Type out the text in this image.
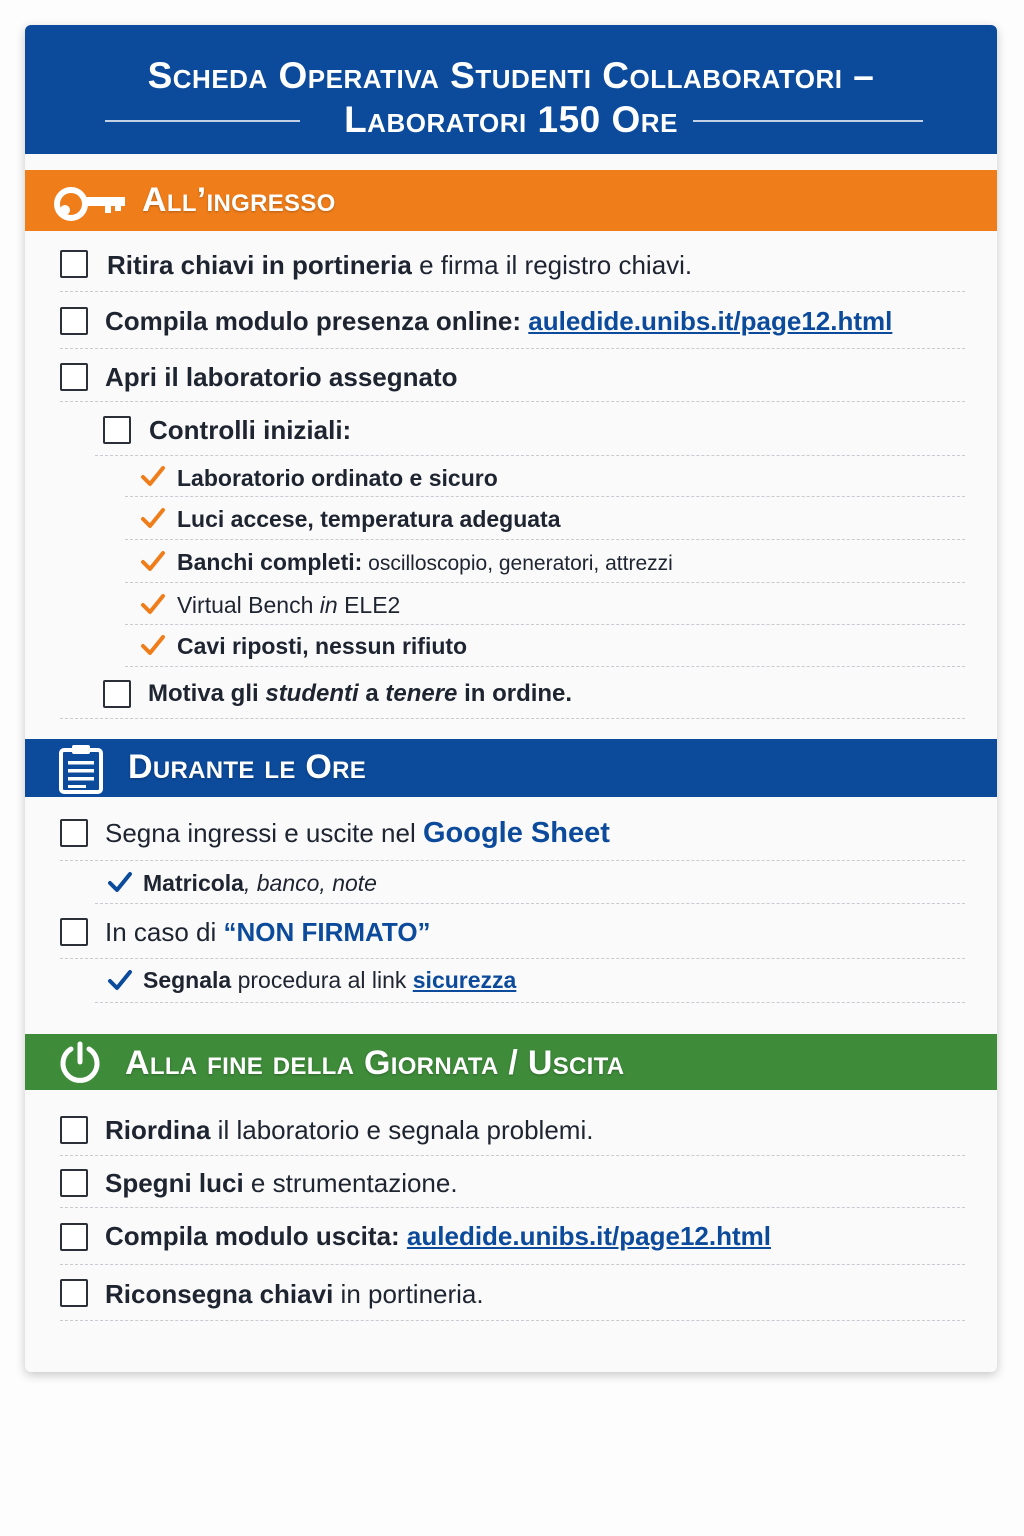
Scheda Operativa Studenti Collaboratori –
Laboratori 150 Ore
All’ingresso
Ritira chiavi in portineria e firma il registro chiavi.
Compila modulo presenza online: auledide.unibs.it/page12.html
Apri il laboratorio assegnato
Controlli iniziali:
Laboratorio ordinato e sicuro
Luci accese, temperatura adeguata
Banchi completi: oscilloscopio, generatori, attrezzi
Virtual Bench in ELE2
Cavi riposti, nessun rifiuto
Motiva gli studenti a tenere in ordine.
Durante le Ore
Segna ingressi e uscite nel Google Sheet
Matricola, banco, note
In caso di “NON FIRMATO”
Segnala procedura al link sicurezza
Alla fine della Giornata / Uscita
Riordina il laboratorio e segnala problemi.
Spegni luci e strumentazione.
Compila modulo uscita: auledide.unibs.it/page12.html
Riconsegna chiavi in portineria.
